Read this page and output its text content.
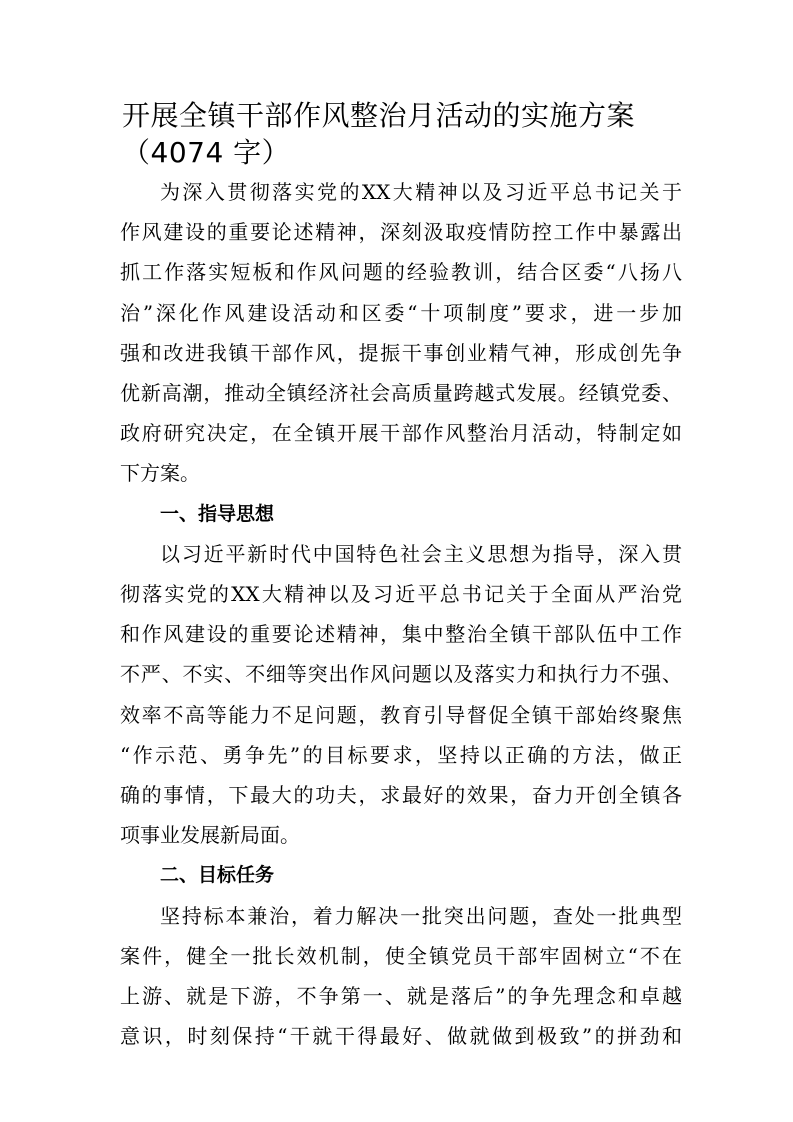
开展全镇干部作风整治月活动的实施方案
（4074 字）

为深入贯彻落实党的XX大精神以及习近平总书记关于
作风建设的重要论述精神，深刻汲取疫情防控工作中暴露出
抓工作落实短板和作风问题的经验教训，结合区委“八扬八
治”深化作风建设活动和区委“十项制度”要求，进一步加
强和改进我镇干部作风，提振干事创业精气神，形成创先争
优新高潮，推动全镇经济社会高质量跨越式发展。经镇党委、
政府研究决定，在全镇开展干部作风整治月活动，特制定如
下方案。

一、指导思想

以习近平新时代中国特色社会主义思想为指导，深入贯
彻落实党的XX大精神以及习近平总书记关于全面从严治党
和作风建设的重要论述精神，集中整治全镇干部队伍中工作
不严、不实、不细等突出作风问题以及落实力和执行力不强、
效率不高等能力不足问题，教育引导督促全镇干部始终聚焦
“作示范、勇争先”的目标要求，坚持以正确的方法，做正
确的事情，下最大的功夫，求最好的效果，奋力开创全镇各
项事业发展新局面。

二、目标任务

坚持标本兼治，着力解决一批突出问题，查处一批典型
案件，健全一批长效机制，使全镇党员干部牢固树立“不在
上游、就是下游，不争第一、就是落后”的争先理念和卓越
意识，时刻保持“干就干得最好、做就做到极致”的拼劲和
